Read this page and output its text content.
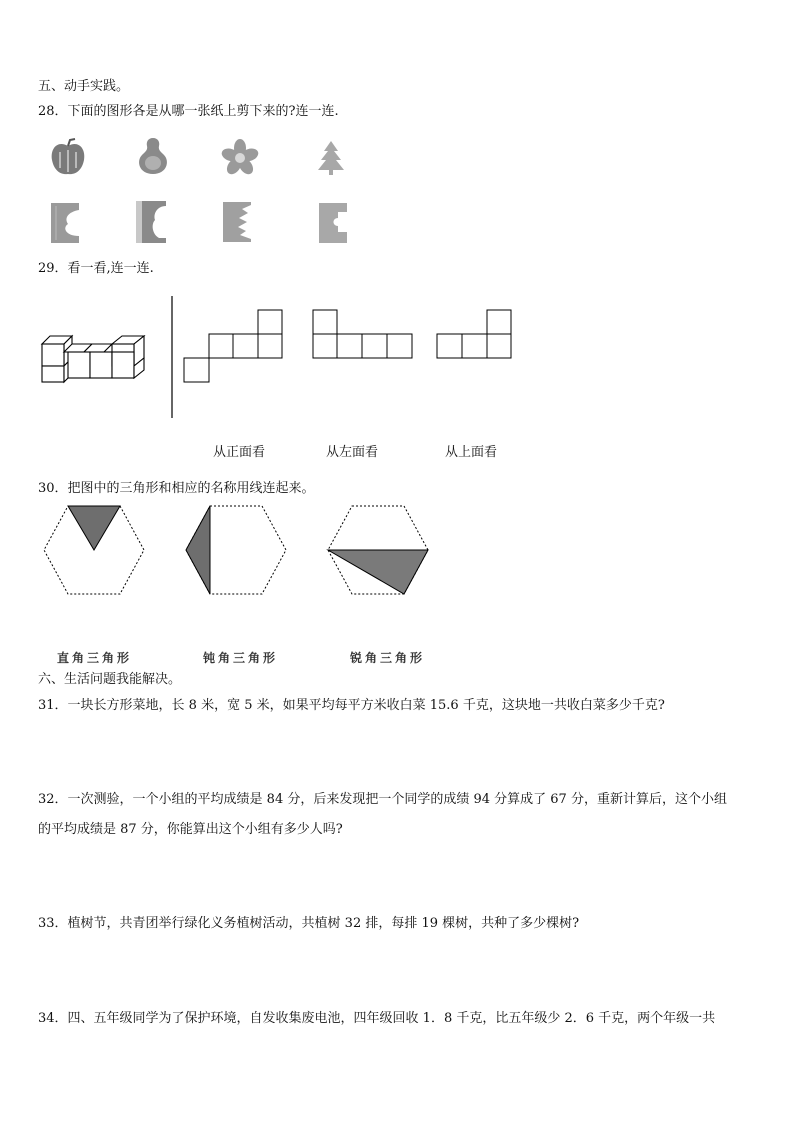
五、动手实践。
28．下面的图形各是从哪一张纸上剪下来的?连一连.
29．看一看,连一连.
从正面看	从左面看	从上面看
30．把图中的三角形和相应的名称用线连起来。
直角三角形	钝角三角形	锐角三角形
六、生活问题我能解决。
31．一块长方形菜地，长 8 米，宽 5 米，如果平均每平方米收白菜 15.6 千克，这块地一共收白菜多少千克?
32．一次测验，一个小组的平均成绩是 84 分，后来发现把一个同学的成绩 94 分算成了 67 分，重新计算后，这个小组
的平均成绩是 87 分，你能算出这个小组有多少人吗?
33．植树节，共青团举行绿化义务植树活动，共植树 32 排，每排 19 棵树，共种了多少棵树?
34．四、五年级同学为了保护环境，自发收集废电池，四年级回收 1．8 千克，比五年级少 2．6 千克，两个年级一共
